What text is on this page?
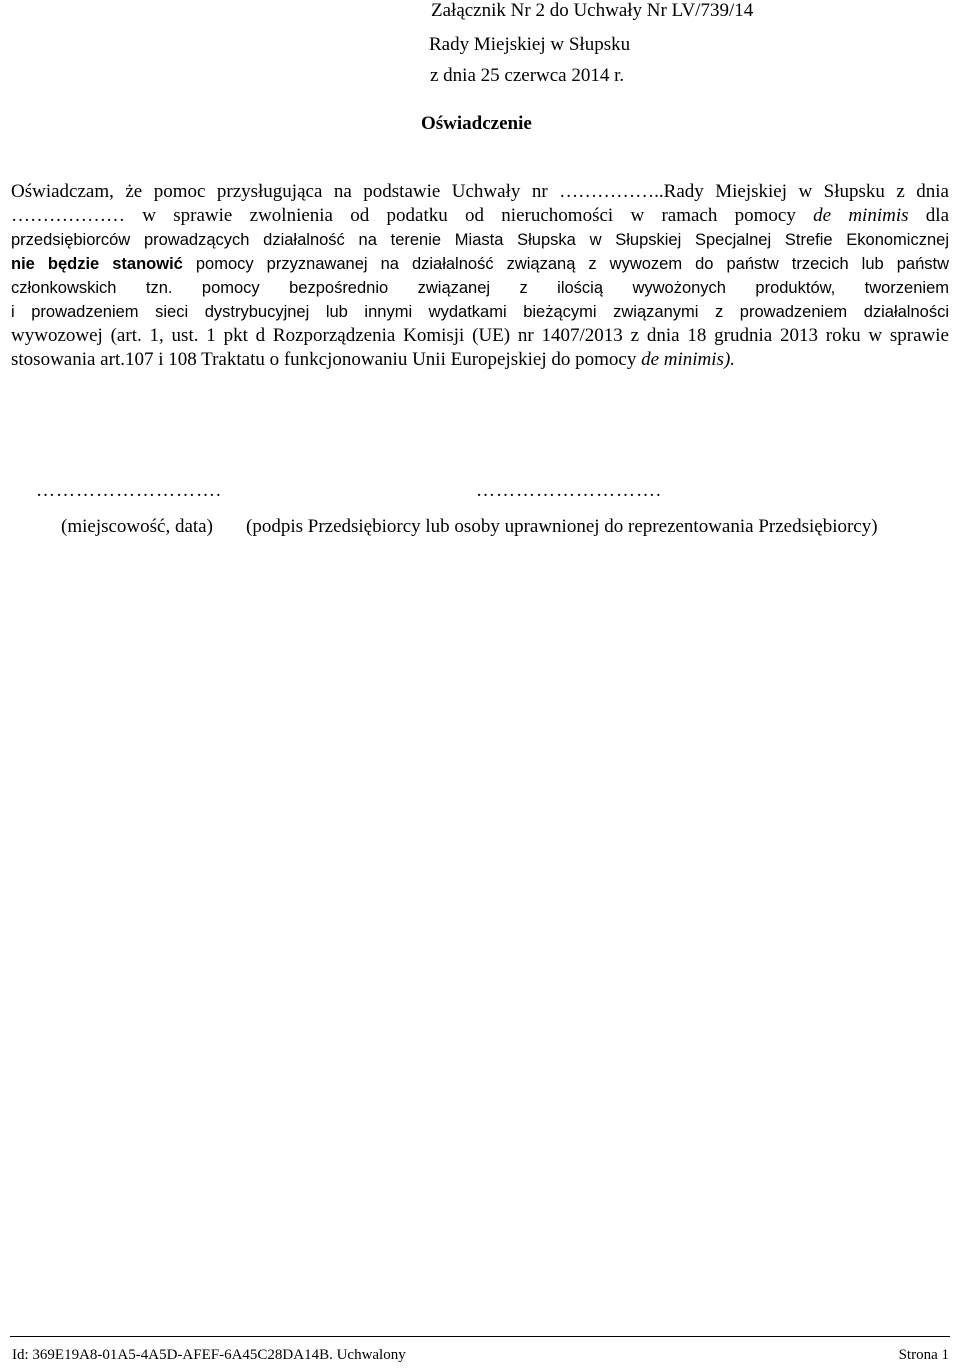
Załącznik Nr 2 do Uchwały Nr LV/739/14
Rady Miejskiej w Słupsku
z dnia 25 czerwca 2014 r.
Oświadczenie
Oświadczam, że pomoc przysługująca na podstawie Uchwały nr ……………..Rady Miejskiej w Słupsku z dnia
……………… w sprawie zwolnienia od podatku od nieruchomości w ramach pomocy de minimis dla
przedsiębiorców prowadzących działalność na terenie Miasta Słupska w Słupskiej Specjalnej Strefie Ekonomicznej
nie będzie stanowić pomocy przyznawanej na działalność związaną z wywozem do państw trzecich lub państw
członkowskich tzn. pomocy bezpośrednio związanej z ilością wywożonych produktów, tworzeniem
i prowadzeniem sieci dystrybucyjnej lub innymi wydatkami bieżącymi związanymi z prowadzeniem działalności
wywozowej (art. 1, ust. 1 pkt d Rozporządzenia Komisji (UE) nr 1407/2013 z dnia 18 grudnia 2013 roku w sprawie
stosowania art.107 i 108 Traktatu o funkcjonowaniu Unii Europejskiej do pomocy de minimis).
……………………….	……………………….
(miejscowość, data) (podpis Przedsiębiorcy lub osoby uprawnionej do reprezentowania Przedsiębiorcy)
Id: 369E19A8-01A5-4A5D-AFEF-6A45C28DA14B. Uchwalony	Strona 1
